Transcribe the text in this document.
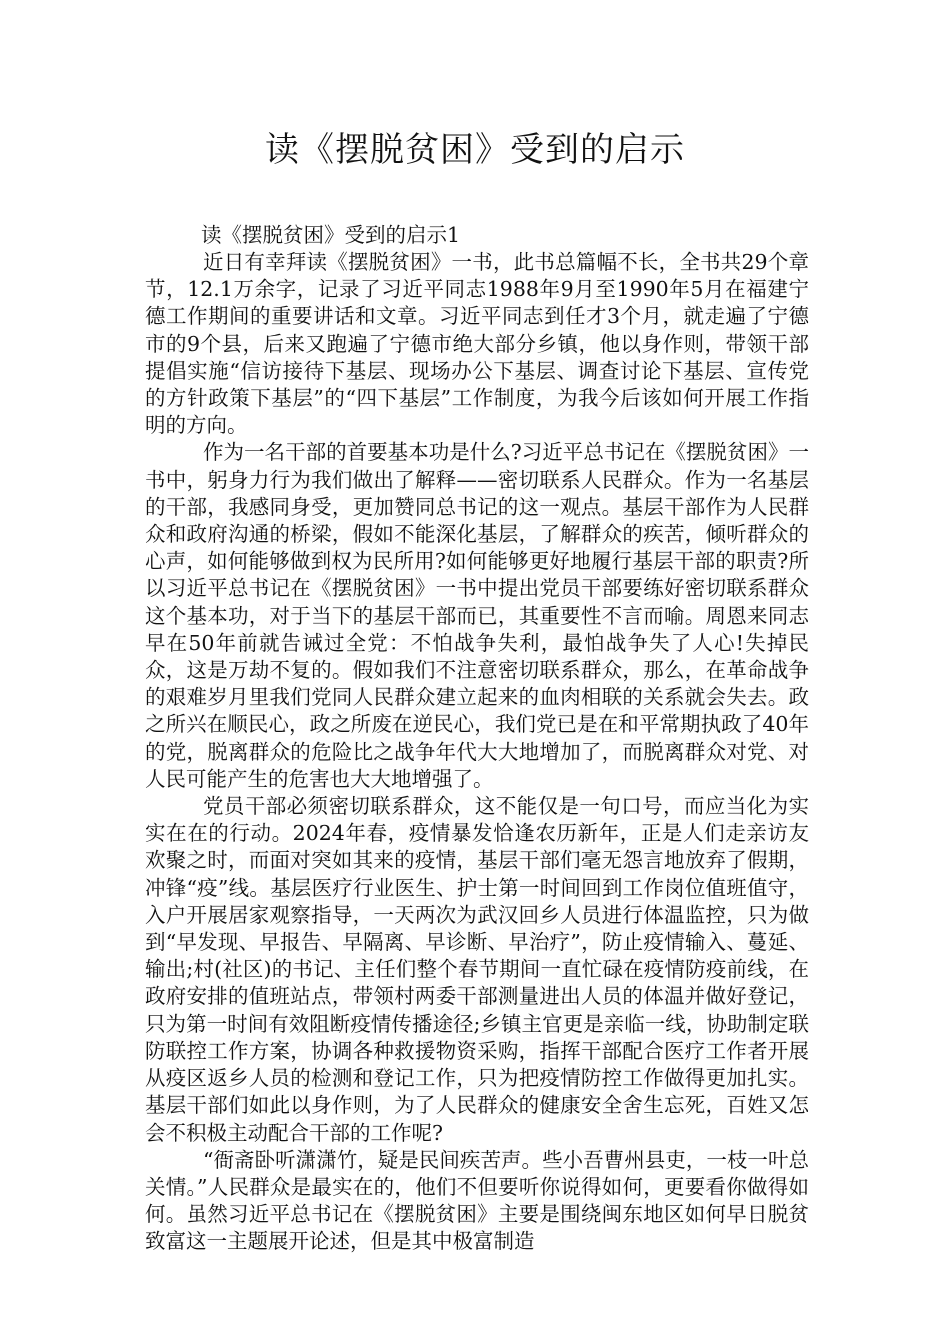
读《摆脱贫困》受到的启示
读《摆脱贫困》受到的启示1

近日有幸拜读《摆脱贫困》一书，此书总篇幅不长，全书共29个章节，12.1万余字，记录了习近平同志1988年9月至1990年5月在福建宁德工作期间的重要讲话和文章。习近平同志到任才3个月，就走遍了宁德市的9个县，后来又跑遍了宁德市绝大部分乡镇，他以身作则，带领干部提倡实施“信访接待下基层、现场办公下基层、调查讨论下基层、宣传党的方针政策下基层”的“四下基层”工作制度，为我今后该如何开展工作指明的方向。

作为一名干部的首要基本功是什么?习近平总书记在《摆脱贫困》一书中，躬身力行为我们做出了解释——密切联系人民群众。作为一名基层的干部，我感同身受，更加赞同总书记的这一观点。基层干部作为人民群众和政府沟通的桥梁，假如不能深化基层，了解群众的疾苦，倾听群众的心声，如何能够做到权为民所用?如何能够更好地履行基层干部的职责?所以习近平总书记在《摆脱贫困》一书中提出党员干部要练好密切联系群众这个基本功，对于当下的基层干部而已，其重要性不言而喻。周恩来同志早在50年前就告诫过全党：不怕战争失利，最怕战争失了人心!失掉民众，这是万劫不复的。假如我们不注意密切联系群众，那么，在革命战争的艰难岁月里我们党同人民群众建立起来的血肉相联的关系就会失去。政之所兴在顺民心，政之所废在逆民心，我们党已是在和平常期执政了40年的党，脱离群众的危险比之战争年代大大地增加了，而脱离群众对党、对人民可能产生的危害也大大地增强了。

党员干部必须密切联系群众，这不能仅是一句口号，而应当化为实实在在的行动。2024年春，疫情暴发恰逢农历新年，正是人们走亲访友欢聚之时，而面对突如其来的疫情，基层干部们毫无怨言地放弃了假期，冲锋“疫”线。基层医疗行业医生、护士第一时间回到工作岗位值班值守，入户开展居家观察指导，一天两次为武汉回乡人员进行体温监控，只为做到“早发现、早报告、早隔离、早诊断、早治疗”，防止疫情输入、蔓延、输出;村(社区)的书记、主任们整个春节期间一直忙碌在疫情防疫前线，在政府安排的值班站点，带领村两委干部测量进出人员的体温并做好登记，只为第一时间有效阻断疫情传播途径;乡镇主官更是亲临一线，协助制定联防联控工作方案，协调各种救援物资采购，指挥干部配合医疗工作者开展从疫区返乡人员的检测和登记工作，只为把疫情防控工作做得更加扎实。基层干部们如此以身作则，为了人民群众的健康安全舍生忘死，百姓又怎会不积极主动配合干部的工作呢?

“衙斋卧听潇潇竹，疑是民间疾苦声。些小吾曹州县吏，一枝一叶总关情。”人民群众是最实在的，他们不但要听你说得如何，更要看你做得如何。虽然习近平总书记在《摆脱贫困》主要是围绕闽东地区如何早日脱贫致富这一主题展开论述，但是其中极富制造
